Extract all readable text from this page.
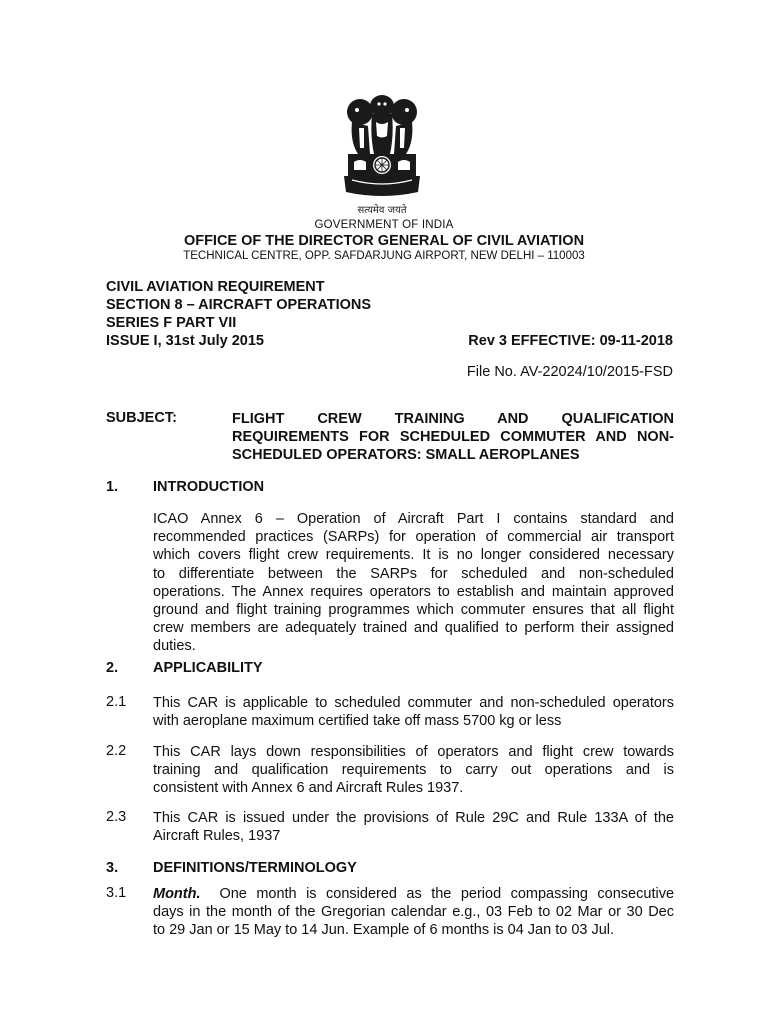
सत्यमेव जयते
GOVERNMENT OF INDIA
OFFICE OF THE DIRECTOR GENERAL OF CIVIL AVIATION
TECHNICAL CENTRE, OPP. SAFDARJUNG AIRPORT, NEW DELHI – 110003
CIVIL AVIATION REQUIREMENT
SECTION 8 – AIRCRAFT OPERATIONS
SERIES F PART VII
ISSUE I, 31st July 2015	Rev 3 EFFECTIVE: 09-11-2018
File No. AV-22024/10/2015-FSD
SUBJECT:	FLIGHT CREW TRAINING AND QUALIFICATION
REQUIREMENTS FOR SCHEDULED COMMUTER AND NON-
SCHEDULED OPERATORS: SMALL AEROPLANES
1. INTRODUCTION
ICAO Annex 6 – Operation of Aircraft Part I contains standard and
recommended practices (SARPs) for operation of commercial air transport
which covers flight crew requirements. It is no longer considered necessary
to differentiate between the SARPs for scheduled and non-scheduled
operations. The Annex requires operators to establish and maintain approved
ground and flight training programmes which commuter ensures that all flight
crew members are adequately trained and qualified to perform their assigned
duties.
2. APPLICABILITY
2.1 This CAR is applicable to scheduled commuter and non-scheduled operators
with aeroplane maximum certified take off mass 5700 kg or less
2.2 This CAR lays down responsibilities of operators and flight crew towards
training and qualification requirements to carry out operations and is
consistent with Annex 6 and Aircraft Rules 1937.
2.3 This CAR is issued under the provisions of Rule 29C and Rule 133A of the
Aircraft Rules, 1937
3. DEFINITIONS/TERMINOLOGY
3.1 Month. One month is considered as the period compassing consecutive
days in the month of the Gregorian calendar e.g., 03 Feb to 02 Mar or 30 Dec
to 29 Jan or 15 May to 14 Jun. Example of 6 months is 04 Jan to 03 Jul.
